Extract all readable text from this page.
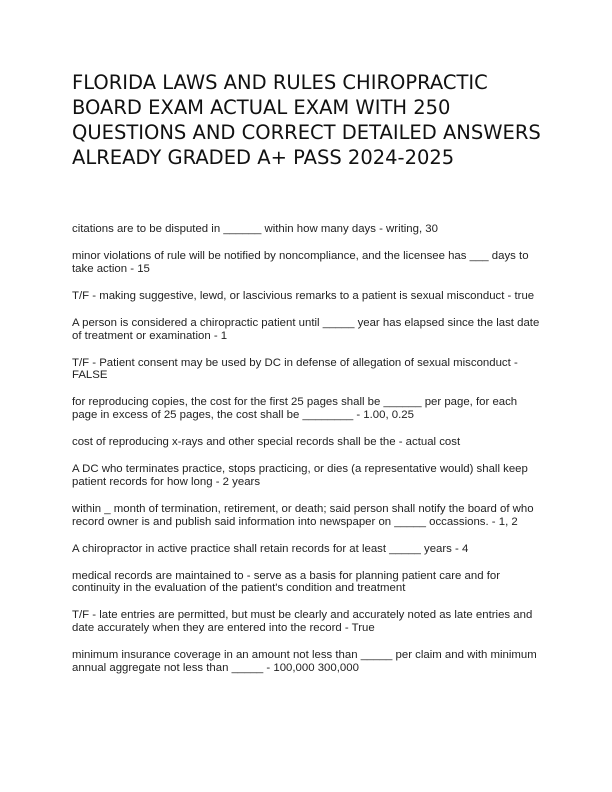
FLORIDA LAWS AND RULES CHIROPRACTIC BOARD EXAM ACTUAL EXAM WITH 250 QUESTIONS AND CORRECT DETAILED ANSWERS ALREADY GRADED A+ PASS 2024-2025

citations are to be disputed in ______ within how many days - writing, 30

minor violations of rule will be notified by noncompliance, and the licensee has ___ days to take action - 15

T/F - making suggestive, lewd, or lascivious remarks to a patient is sexual misconduct - true

A person is considered a chiropractic patient until _____ year has elapsed since the last date of treatment or examination - 1

T/F - Patient consent may be used by DC in defense of allegation of sexual misconduct - FALSE

for reproducing copies, the cost for the first 25 pages shall be ______ per page, for each page in excess of 25 pages, the cost shall be ________ - 1.00, 0.25

cost of reproducing x-rays and other special records shall be the - actual cost

A DC who terminates practice, stops practicing, or dies (a representative would) shall keep patient records for how long - 2 years

within _ month of termination, retirement, or death; said person shall notify the board of who record owner is and publish said information into newspaper on _____ occassions. - 1, 2

A chiropractor in active practice shall retain records for at least _____ years - 4

medical records are maintained to - serve as a basis for planning patient care and for continuity in the evaluation of the patient's condition and treatment

T/F - late entries are permitted, but must be clearly and accurately noted as late entries and date accurately when they are entered into the record - True

minimum insurance coverage in an amount not less than _____ per claim and with minimum annual aggregate not less than _____ - 100,000 300,000
